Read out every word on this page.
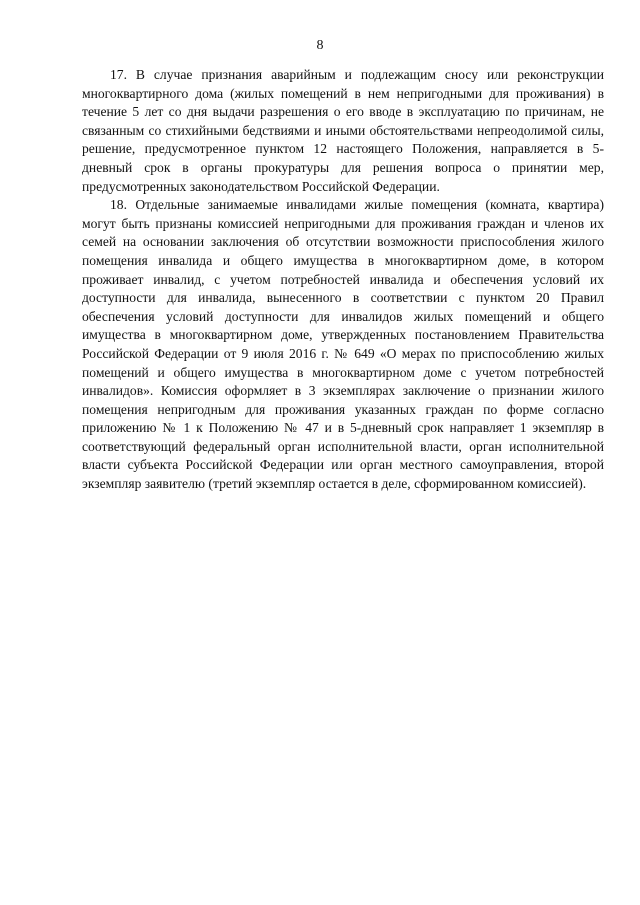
8

17. В случае признания аварийным и подлежащим сносу или реконструкции многоквартирного дома (жилых помещений в нем непригодными для проживания) в течение 5 лет со дня выдачи разрешения о его вводе в эксплуатацию по причинам, не связанным со стихийными бедствиями и иными обстоятельствами непреодолимой силы, решение, предусмотренное пунктом 12 настоящего Положения, направляется в 5-дневный срок в органы прокуратуры для решения вопроса о принятии мер, предусмотренных законодательством Российской Федерации.

18. Отдельные занимаемые инвалидами жилые помещения (комната, квартира) могут быть признаны комиссией непригодными для проживания граждан и членов их семей на основании заключения об отсутствии возможности приспособления жилого помещения инвалида и общего имущества в многоквартирном доме, в котором проживает инвалид, с учетом потребностей инвалида и обеспечения условий их доступности для инвалида, вынесенного в соответствии с пунктом 20 Правил обеспечения условий доступности для инвалидов жилых помещений и общего имущества в многоквартирном доме, утвержденных постановлением Правительства Российской Федерации от 9 июля 2016 г. № 649 «О мерах по приспособлению жилых помещений и общего имущества в многоквартирном доме с учетом потребностей инвалидов». Комиссия оформляет в 3 экземплярах заключение о признании жилого помещения непригодным для проживания указанных граждан по форме согласно приложению № 1 к Положению № 47 и в 5-дневный срок направляет 1 экземпляр в соответствующий федеральный орган исполнительной власти, орган исполнительной власти субъекта Российской Федерации или орган местного самоуправления, второй экземпляр заявителю (третий экземпляр остается в деле, сформированном комиссией).
